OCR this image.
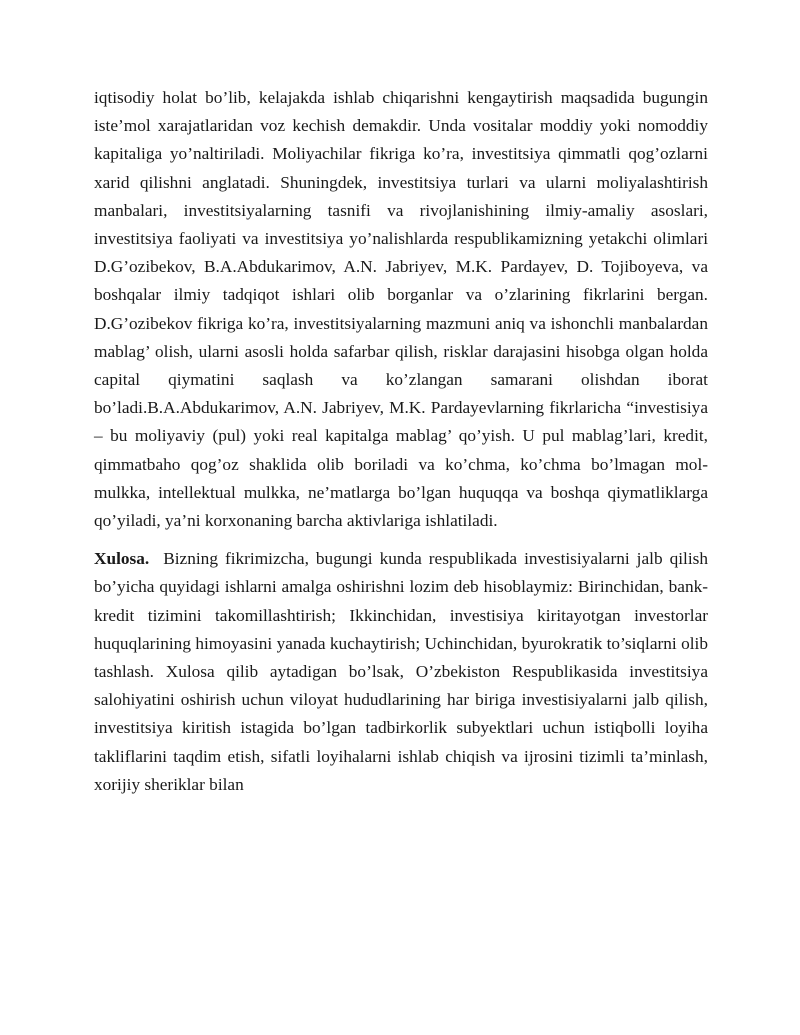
iqtisodiy holat bo’lib, kelajakda ishlab chiqarishni kengaytirish maqsadida bugungin iste’mol xarajatlaridan voz kechish demakdir. Unda vositalar moddiy yoki nomoddiy kapitaliga yo’naltiriladi. Moliyachilar fikriga ko’ra, investitsiya qimmatli qog’ozlarni xarid qilishni anglatadi. Shuningdek, investitsiya turlari va ularni moliyalashtirish manbalari, investitsiyalarning tasnifi va rivojlanishining ilmiy-amaliy asoslari, investitsiya faoliyati va investitsiya yo’nalishlarda respublikamizning yetakchi olimlari D.G’ozibekov, B.A.Abdukarimov, A.N. Jabriyev, M.K. Pardayev, D. Tojiboyeva, va boshqalar ilmiy tadqiqot ishlari olib borganlar va o’zlarining fikrlarini bergan. D.G’ozibekov fikriga ko’ra, investitsiyalarning mazmuni aniq va ishonchli manbalardan mablag’ olish, ularni asosli holda safarbar qilish, risklar darajasini hisobga olgan holda capital qiymatini saqlash va ko’zlangan samarani olishdan iborat bo’ladi.B.A.Abdukarimov, A.N. Jabriyev, M.K. Pardayevlarning fikrlaricha “investisiya – bu moliyaviy (pul) yoki real kapitalga mablag’ qo’yish. U pul mablag’lari, kredit, qimmatbaho qog’oz shaklida olib boriladi va ko’chma, ko’chma bo’lmagan mol-mulkka, intellektual mulkka, ne’matlarga bo’lgan huquqqa va boshqa qiymatliklarga qo’yiladi, ya’ni korxonaning barcha aktivlariga ishlatiladi.

Xulosa. Bizning fikrimizcha, bugungi kunda respublikada investisiyalarni jalb qilish bo’yicha quyidagi ishlarni amalga oshirishni lozim deb hisoblaymiz: Birinchidan, bank-kredit tizimini takomillashtirish; Ikkinchidan, investisiya kiritayotgan investorlar huquqlarining himoyasini yanada kuchaytirish; Uchinchidan, byurokratik to’siqlarni olib tashlash. Xulosa qilib aytadigan bo’lsak, O’zbekiston Respublikasida investitsiya salohiyatini oshirish uchun viloyat hududlarining har biriga investisiyalarni jalb qilish, investitsiya kiritish istagida bo’lgan tadbirkorlik subyektlari uchun istiqbolli loyiha takliflarini taqdim etish, sifatli loyihalarni ishlab chiqish va ijrosini tizimli ta’minlash, xorijiy sheriklar bilan
